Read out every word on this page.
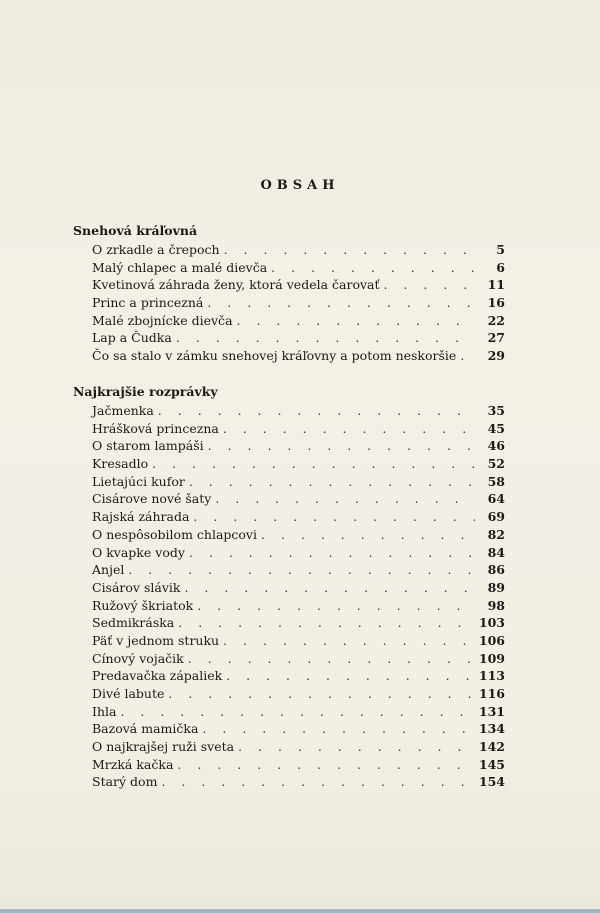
OBSAH
Snehová kráľovná
O zrkadle a črepoch . . .	5
Malý chlapec a malé dievča . . .	6
Kvetinová záhrada ženy, ktorá vedela čarovať . . .	11
Princ a princezná . . .	16
Malé zbojnícke dievča . . .	22
Lap a Čudka . . .	27
Čo sa stalo v zámku snehovej kráľovny a potom neskoršie . . .	29
Najkrajšie rozprávky
Jačmenka . . .	35
Hrášková princezna . . .	45
O starom lampáši . . .	46
Kresadlo . . .	52
Lietajúci kufor . . .	58
Cisárove nové šaty . . .	64
Rajská záhrada . . .	69
O nespôsobilom chlapcovi . . .	82
O kvapke vody . . .	84
Anjel . . .	86
Cisárov slávik . . .	89
Ružový škriatok . . .	98
Sedmikráska . . .	103
Päť v jednom struku . . .	106
Cínový vojačik . . .	109
Predavačka zápaliek . . .	113
Divé labute . . .	116
Ihla . . .	131
Bazová mamička . . .	134
O najkrajšej ruži sveta . . .	142
Mrzká kačka . . .	145
Starý dom . . .	154
